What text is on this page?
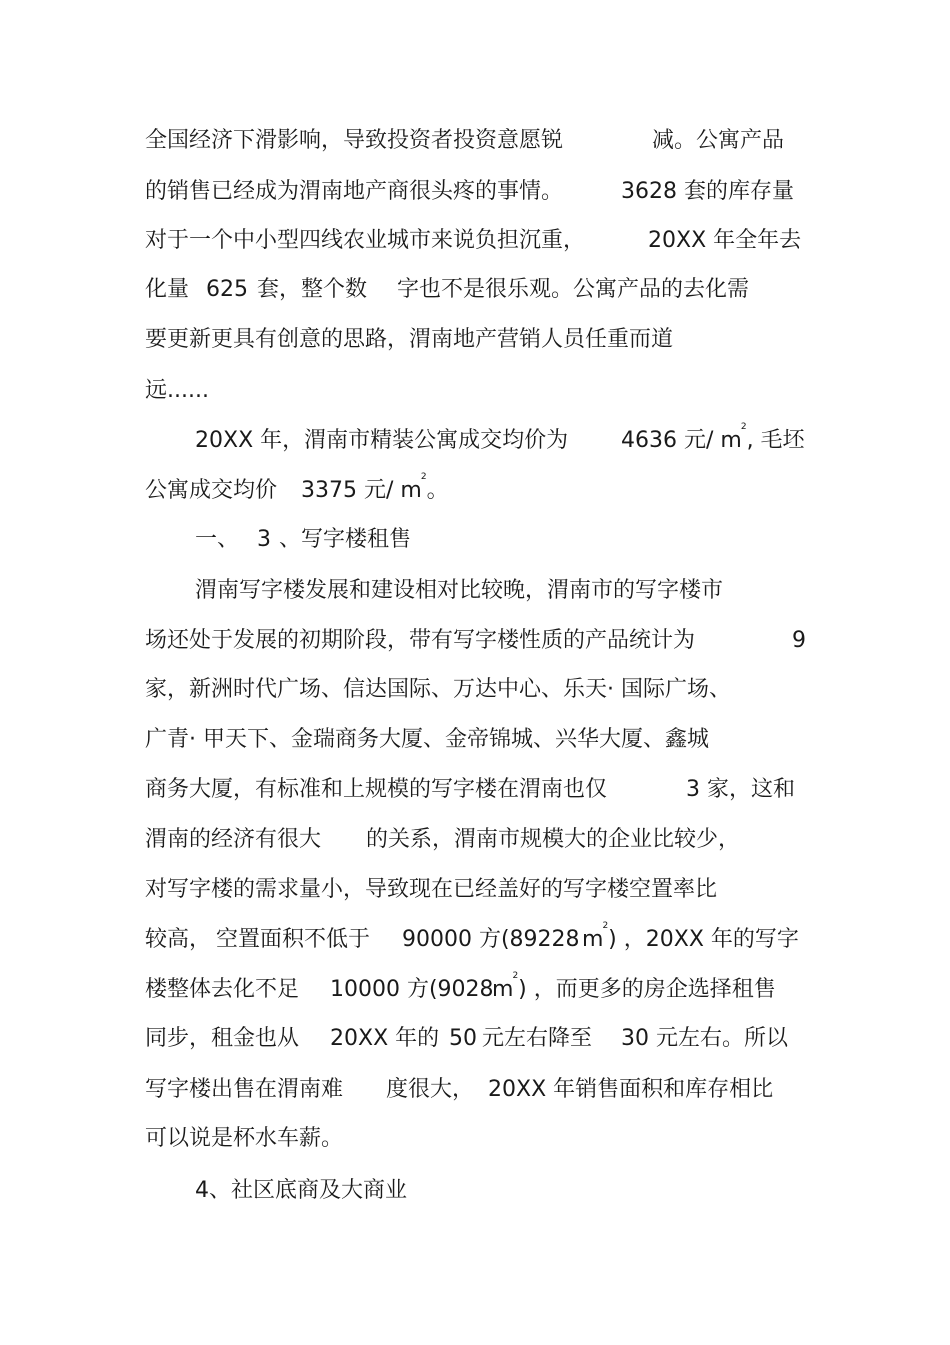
全国经济下滑影响，导致投资者投资意愿锐

	减。公寓产品

的销售已经成为渭南地产商很头疼的事情。

	3628 套的库存量

对于一个中小型四线农业城市来说负担沉重，

	20XX 年全年去

化量

625

套，整个数

字也不是很乐观。公寓产品的去化需

要更新更具有创意的思路，渭南地产营销人员任重而道

远......

20XX 年，渭南市精装公寓成交均价为

4636 元/ $m^2$, 毛坯

公寓成交均价

3375 元/ $m^2$。

一、

3

、写字楼租售

渭南写字楼发展和建设相对比较晚，渭南市的写字楼市

场还处于发展的初期阶段，带有写字楼性质的产品统计为

	9

家，新洲时代广场、信达国际、万达中心、乐天· 国际广场、

广青· 甲天下、金瑞商务大厦、金帝锦城、兴华大厦、鑫城

商务大厦，有标准和上规模的写字楼在渭南也仅

	3 家，这和

渭南的经济有很大

的关系，渭南市规模大的企业比较少，

对写字楼的需求量小，导致现在已经盖好的写字楼空置率比

较高，

空置面积不低于

90000 方(89228

$m^2$) ，20XX 年的写字

楼整体去化不足

10000 方(9028

$m^2$) ，而更多的房企选择租售

同步，租金也从

20XX 年的

50

元左右降至

30 元左右。所以

写字楼出售在渭南难

度很大，

20XX 年销售面积和库存相比

可以说是杯水车薪。

4、社区底商及大商业
